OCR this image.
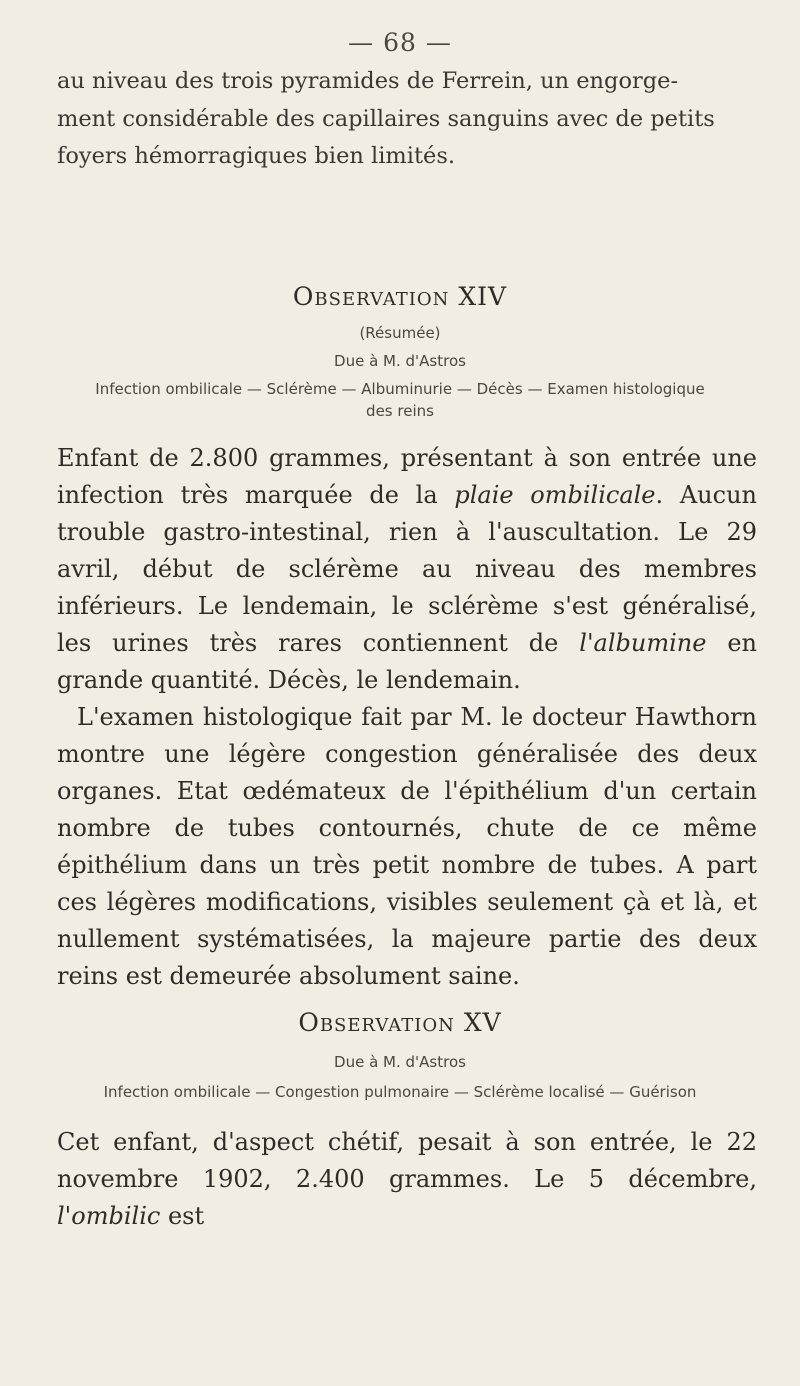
— 68 —
au niveau des trois pyramides de Ferrein, un engorge-
ment considérable des capillaires sanguins avec de petits
foyers hémorragiques bien limités.
Observation XIV
(Résumée)
Due à M. d'Astros
Infection ombilicale — Sclérème — Albuminurie — Décès — Examen histologique
des reins

Enfant de 2.800 grammes, présentant à son entrée une infection très marquée de la plaie ombilicale. Aucun trouble gastro-intestinal, rien à l'auscultation. Le 29 avril, début de sclérème au niveau des membres inférieurs. Le lendemain, le sclérème s'est généralisé, les urines très rares contiennent de l'albumine en grande quantité. Décès, le lendemain.

L'examen histologique fait par M. le docteur Hawthorn montre une légère congestion généralisée des deux organes. Etat œdémateux de l'épithélium d'un certain nombre de tubes contournés, chute de ce même épithélium dans un très petit nombre de tubes. A part ces légères modifications, visibles seulement çà et là, et nullement systématisées, la majeure partie des deux reins est demeurée absolument saine.

Observation XV
Due à M. d'Astros
Infection ombilicale — Congestion pulmonaire — Sclérème localisé — Guérison

Cet enfant, d'aspect chétif, pesait à son entrée, le 22 novembre 1902, 2.400 grammes. Le 5 décembre, l'ombilic est
